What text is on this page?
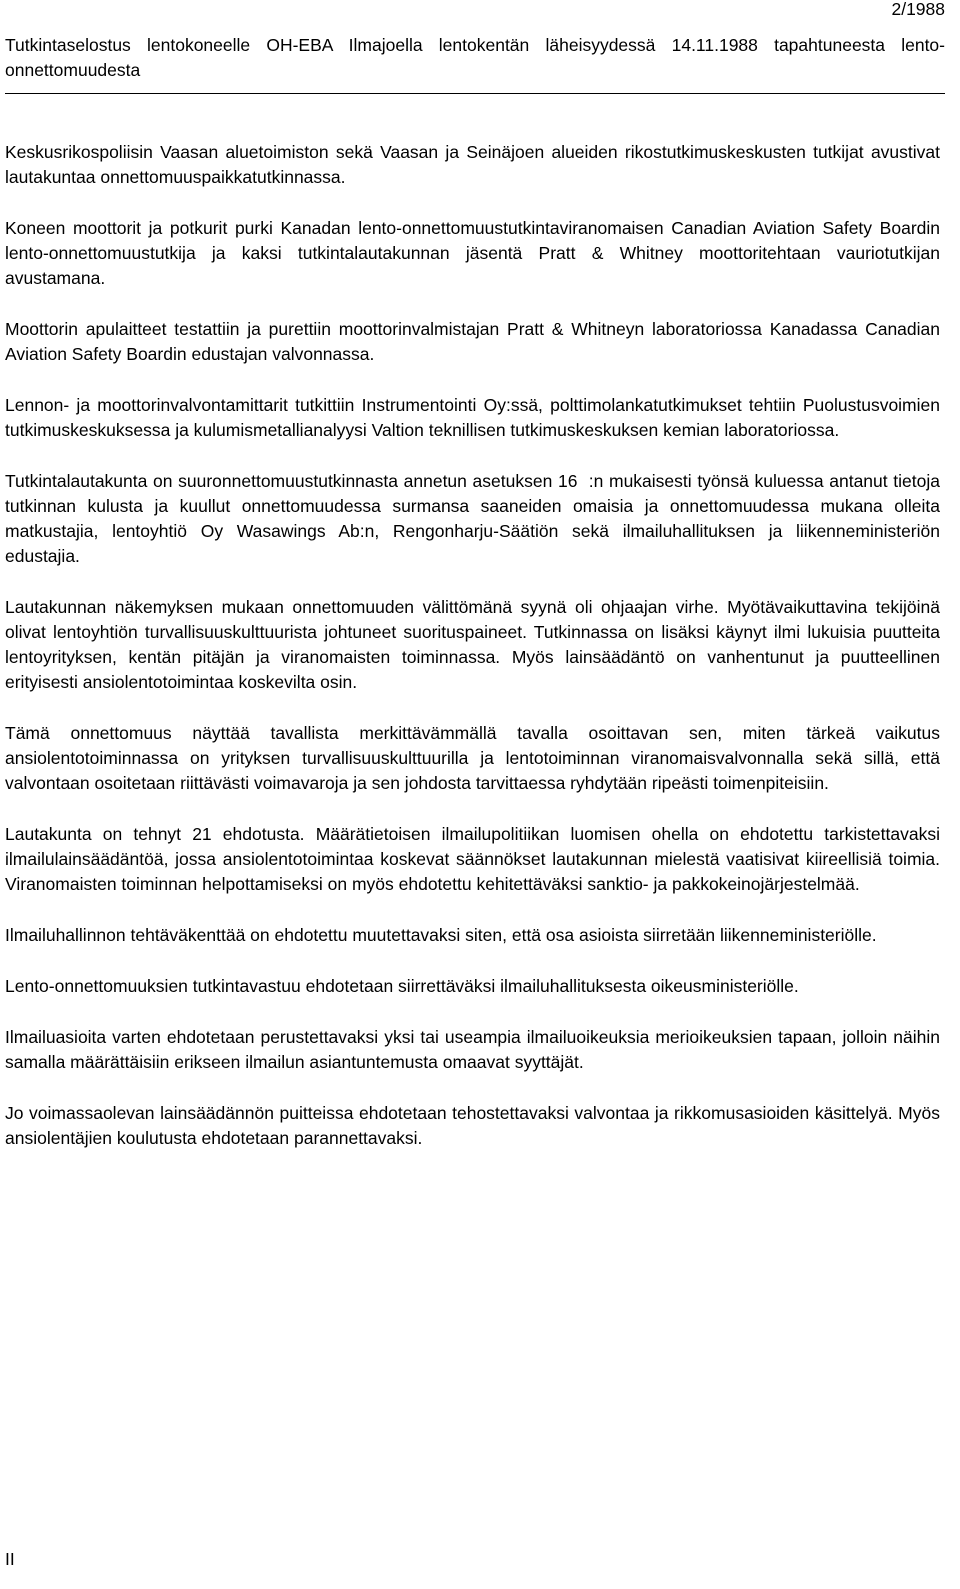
2/1988
Tutkintaselostus lentokoneelle OH-EBA Ilmajoella lentokentän läheisyydessä 14.11.1988 tapahtuneesta lentoonnettomuudesta

Keskusrikospoliisin Vaasan aluetoimiston sekä Vaasan ja Seinäjoen alueiden rikostutkimuskeskusten tutkijat avustivat lautakuntaa onnettomuuspaikkatutkinnassa.

Koneen moottorit ja potkurit purki Kanadan lento-onnettomuustutkintaviranomaisen Canadian Aviation Safety Boardin lento-onnettomuustutkija ja kaksi tutkintalautakunnan jäsentä Pratt & Whitney moottoritehtaan vauriotutkijan avustamana.

Moottorin apulaitteet testattiin ja purettiin moottorinvalmistajan Pratt & Whitneyn laboratoriossa Kanadassa Canadian Aviation Safety Boardin edustajan valvonnassa.

Lennon- ja moottorinvalvontamittarit tutkittiin Instrumentointi Oy:ssä, polttimolankatutkimukset tehtiin Puolustusvoimien tutkimuskeskuksessa ja kulumismetallianalyysi Valtion teknillisen tutkimuskeskuksen kemian laboratoriossa.

Tutkintalautakunta on suuronnettomuustutkinnasta annetun asetuksen 16  :n mukaisesti työnsä kuluessa antanut tietoja tutkinnan kulusta ja kuullut onnettomuudessa surmansa saaneiden omaisia ja onnettomuudessa mukana olleita matkustajia, lentoyhtiö Oy Wasawings Ab:n, Rengonharju-Säätiön sekä ilmailuhallituksen ja liikenneministeriön edustajia.

Lautakunnan näkemyksen mukaan onnettomuuden välittömänä syynä oli ohjaajan virhe. Myötävaikuttavina tekijöinä olivat lentoyhtiön turvallisuuskulttuurista johtuneet suorituspaineet. Tutkinnassa on lisäksi käynyt ilmi lukuisia puutteita lentoyrityksen, kentän pitäjän ja viranomaisten toiminnassa. Myös lainsäädäntö on vanhentunut ja puutteellinen erityisesti ansiolentotoimintaa koskevilta osin.

Tämä onnettomuus näyttää tavallista merkittävämmällä tavalla osoittavan sen, miten tärkeä vaikutus ansiolentotoiminnassa on yrityksen turvallisuuskulttuurilla ja lentotoiminnan viranomaisvalvonnalla sekä sillä, että valvontaan osoitetaan riittävästi voimavaroja ja sen johdosta tarvittaessa ryhdytään ripeästi toimenpiteisiin.

Lautakunta on tehnyt 21 ehdotusta. Määrätietoisen ilmailupolitiikan luomisen ohella on ehdotettu tarkistettavaksi ilmailulainsäädäntöä, jossa ansiolentotoimintaa koskevat säännökset lautakunnan mielestä vaatisivat kiireellisiä toimia. Viranomaisten toiminnan helpottamiseksi on myös ehdotettu kehitettäväksi sanktio- ja pakkokeinojärjestelmää.

Ilmailuhallinnon tehtäväkenttää on ehdotettu muutettavaksi siten, että osa asioista siirretään liikenneministeriölle.

Lento-onnettomuuksien tutkintavastuu ehdotetaan siirrettäväksi ilmailuhallituksesta oikeusministeriölle.

Ilmailuasioita varten ehdotetaan perustettavaksi yksi tai useampia ilmailuoikeuksia merioikeuksien tapaan, jolloin näihin samalla määrättäisiin erikseen ilmailun asiantuntemusta omaavat syyttäjät.

Jo voimassaolevan lainsäädännön puitteissa ehdotetaan tehostettavaksi valvontaa ja rikkomusasioiden käsittelyä. Myös ansiolentäjien koulutusta ehdotetaan parannettavaksi.

II
